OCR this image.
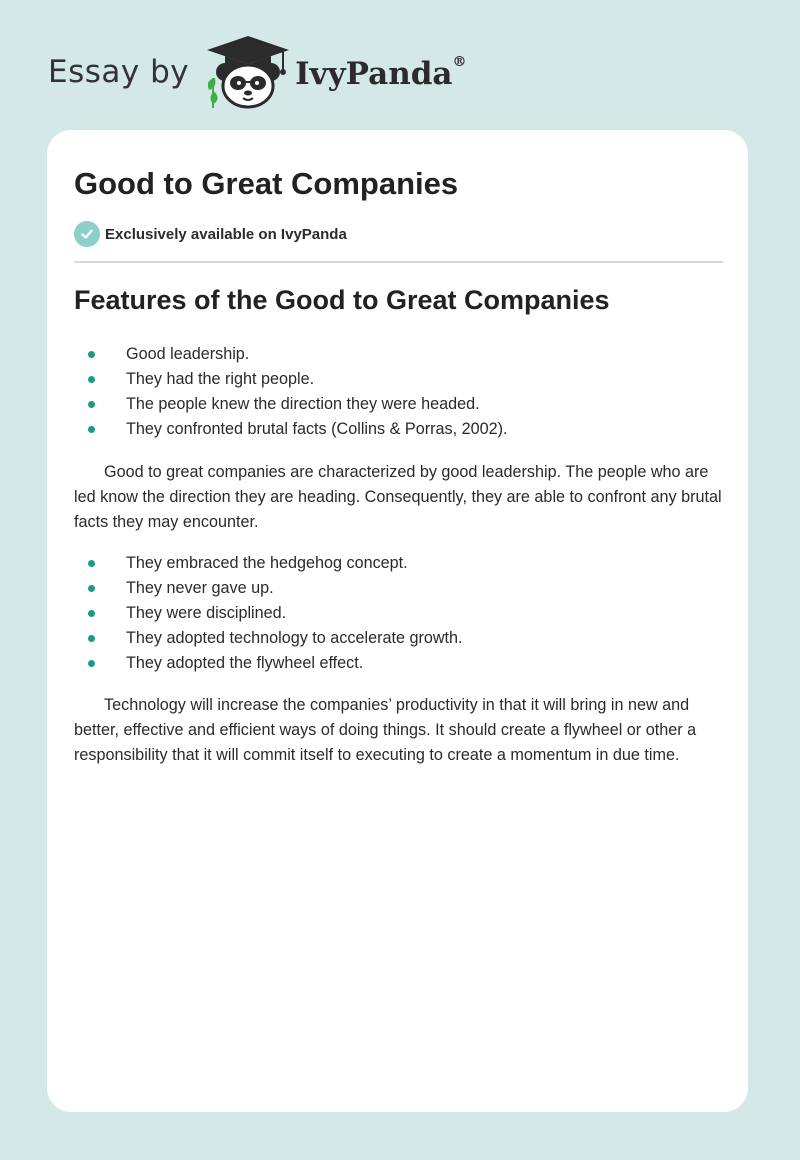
Essay by	IvyPanda®
Good to Great Companies
Exclusively available on IvyPanda
Features of the Good to Great Companies
Good leadership.
They had the right people.
The people knew the direction they were headed.
They confronted brutal facts (Collins & Porras, 2002).

Good to great companies are characterized by good leadership. The people who are led know the direction they are heading. Consequently, they are able to confront any brutal facts they may encounter.

They embraced the hedgehog concept.
They never gave up.
They were disciplined.
They adopted technology to accelerate growth.
They adopted the flywheel effect.

Technology will increase the companies’ productivity in that it will bring in new and better, effective and efficient ways of doing things. It should create a flywheel or other a responsibility that it will commit itself to executing to create a momentum in due time.
